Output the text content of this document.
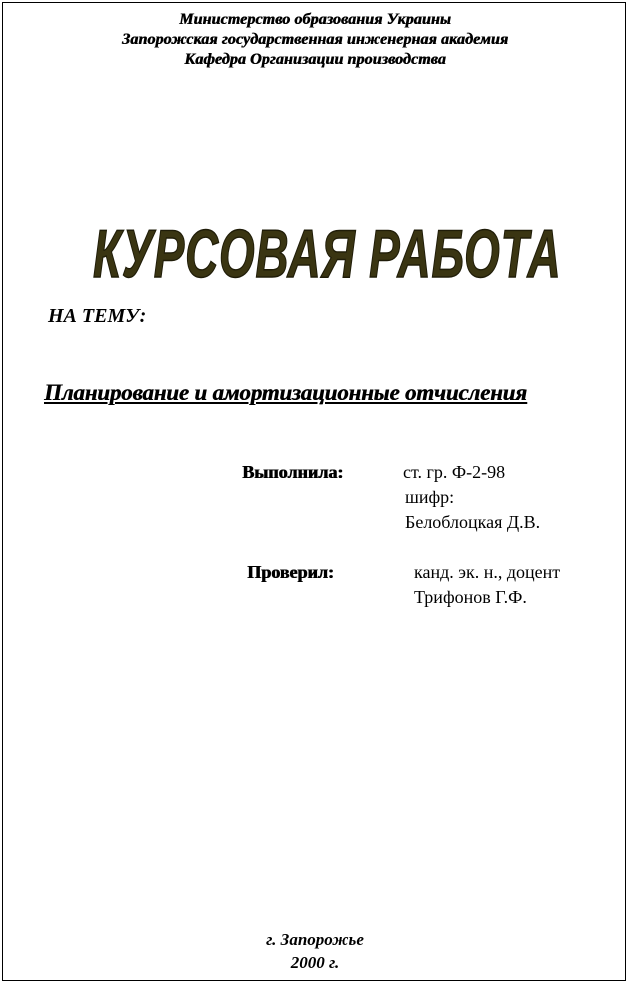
Министерство образования Украины
Запорожская государственная инженерная академия
Кафедра Организации производства
КУРСОВАЯ РАБОТА
НА ТЕМУ:
Планирование и амортизационные отчисления
Выполнила:	ст. гр. Ф-2-98
шифр:
Белоблоцкая Д.В.
Проверил:	канд. эк. н., доцент
Трифонов Г.Ф.
г. Запорожье
2000 г.
